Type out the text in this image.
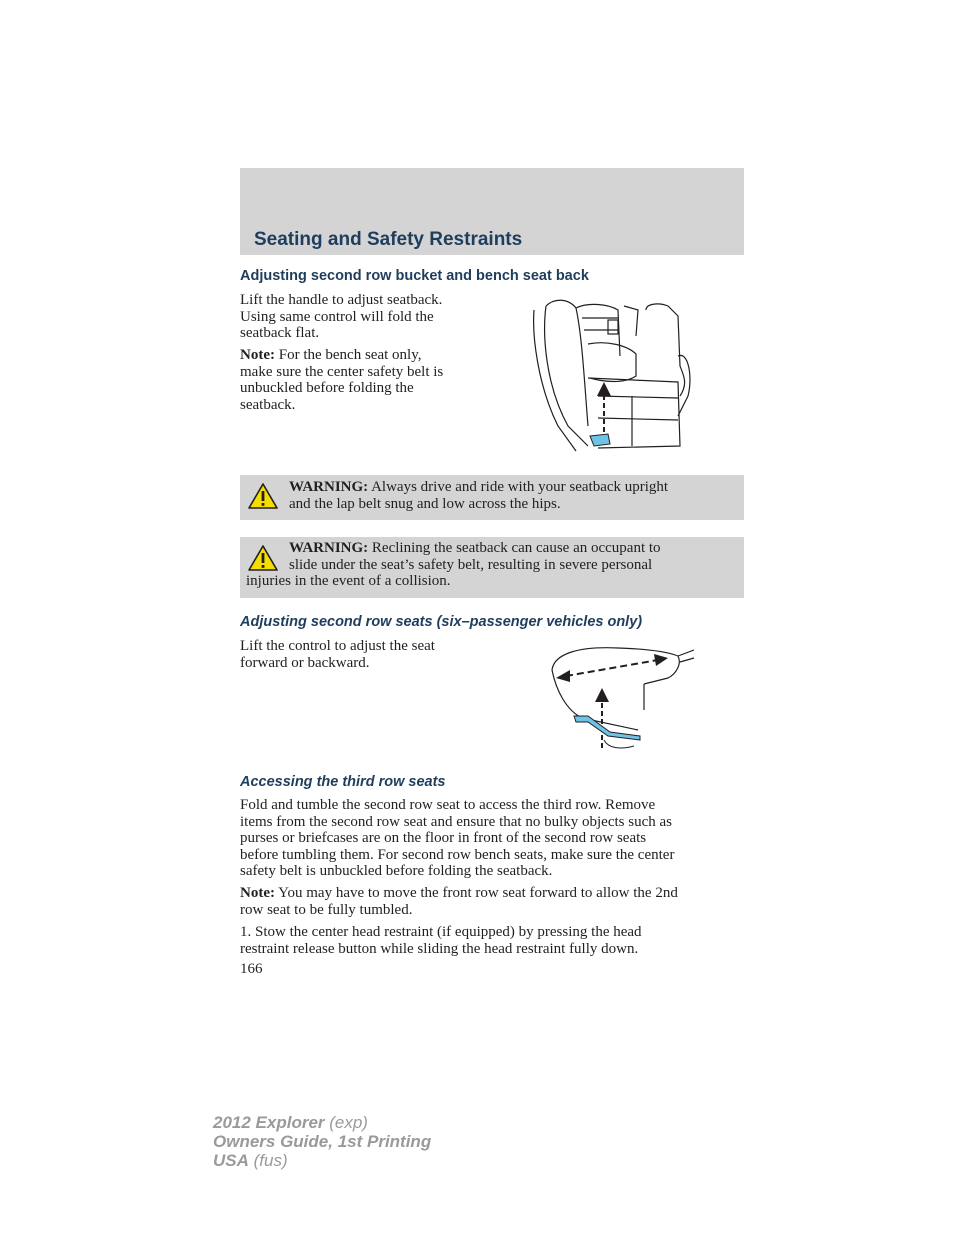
Seating and Safety Restraints
Adjusting second row bucket and bench seat back
Lift the handle to adjust seatback.
Using same control will fold the
seatback flat.
Note: For the bench seat only,
make sure the center safety belt is
unbuckled before folding the
seatback.
WARNING: Always drive and ride with your seatback upright
and the lap belt snug and low across the hips.
WARNING: Reclining the seatback can cause an occupant to
slide under the seat’s safety belt, resulting in severe personal
injuries in the event of a collision.
Adjusting second row seats (six–passenger vehicles only)
Lift the control to adjust the seat
forward or backward.
Accessing the third row seats
Fold and tumble the second row seat to access the third row. Remove
items from the second row seat and ensure that no bulky objects such as
purses or briefcases are on the floor in front of the second row seats
before tumbling them. For second row bench seats, make sure the center
safety belt is unbuckled before folding the seatback.
Note: You may have to move the front row seat forward to allow the 2nd
row seat to be fully tumbled.
1. Stow the center head restraint (if equipped) by pressing the head
restraint release button while sliding the head restraint fully down.
166
2012 Explorer (exp)
Owners Guide, 1st Printing
USA (fus)
